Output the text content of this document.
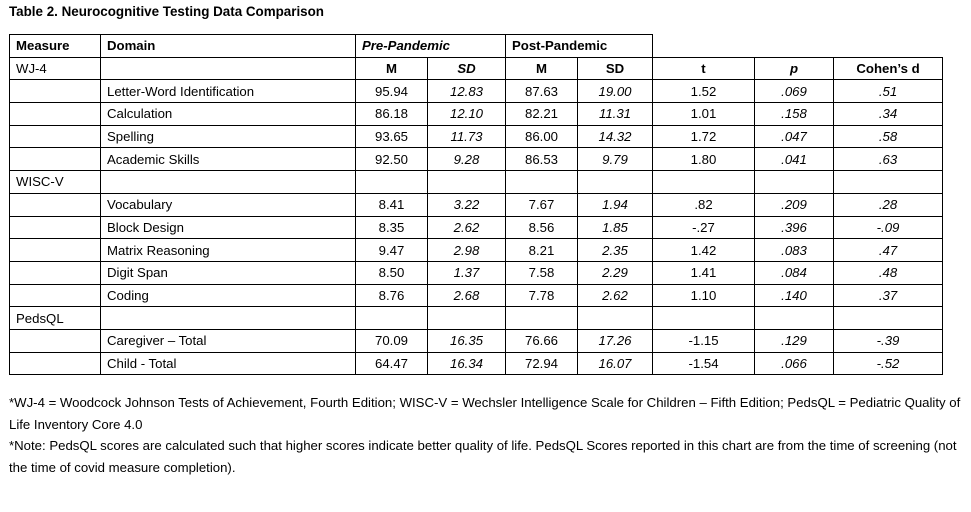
Table 2. Neurocognitive Testing Data Comparison
Measure	Domain	Pre-Pandemic		Post-Pandemic				
WJ-4		M	SD	M	SD	t	p	Cohen’s d
	Letter-Word Identification	95.94	12.83	87.63	19.00	1.52	.069	.51
	Calculation	86.18	12.10	82.21	11.31	1.01	.158	.34
	Spelling	93.65	11.73	86.00	14.32	1.72	.047	.58
	Academic Skills	92.50	9.28	86.53	9.79	1.80	.041	.63
WISC-V								
	Vocabulary	8.41	3.22	7.67	1.94	.82	.209	.28
	Block Design	8.35	2.62	8.56	1.85	-.27	.396	-.09
	Matrix Reasoning	9.47	2.98	8.21	2.35	1.42	.083	.47
	Digit Span	8.50	1.37	7.58	2.29	1.41	.084	.48
	Coding	8.76	2.68	7.78	2.62	1.10	.140	.37
PedsQL								
	Caregiver – Total	70.09	16.35	76.66	17.26	-1.15	.129	-.39
	Child - Total	64.47	16.34	72.94	16.07	-1.54	.066	-.52

*WJ-4 = Woodcock Johnson Tests of Achievement, Fourth Edition; WISC-V = Wechsler Intelligence Scale for Children – Fifth Edition; PedsQL = Pediatric Quality of Life Inventory Core 4.0

*Note: PedsQL scores are calculated such that higher scores indicate better quality of life. PedsQL Scores reported in this chart are from the time of screening (not the time of covid measure completion).
